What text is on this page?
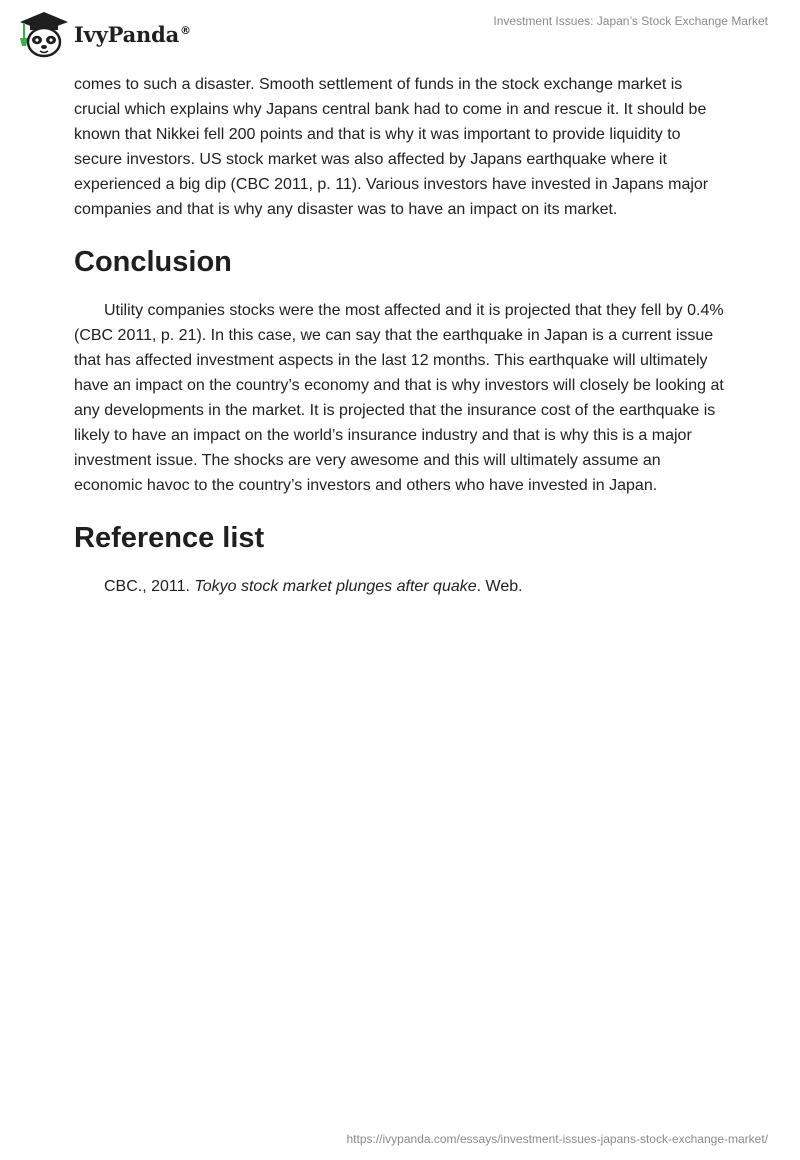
IvyPanda®
Investment Issues: Japan’s Stock Exchange Market

comes to such a disaster. Smooth settlement of funds in the stock exchange market is crucial which explains why Japans central bank had to come in and rescue it. It should be known that Nikkei fell 200 points and that is why it was important to provide liquidity to secure investors. US stock market was also affected by Japans earthquake where it experienced a big dip (CBC 2011, p. 11). Various investors have invested in Japans major companies and that is why any disaster was to have an impact on its market.

Conclusion

Utility companies stocks were the most affected and it is projected that they fell by 0.4% (CBC 2011, p. 21). In this case, we can say that the earthquake in Japan is a current issue that has affected investment aspects in the last 12 months. This earthquake will ultimately have an impact on the country’s economy and that is why investors will closely be looking at any developments in the market. It is projected that the insurance cost of the earthquake is likely to have an impact on the world’s insurance industry and that is why this is a major investment issue. The shocks are very awesome and this will ultimately assume an economic havoc to the country’s investors and others who have invested in Japan.

Reference list

CBC., 2011. Tokyo stock market plunges after quake. Web.

https://ivypanda.com/essays/investment-issues-japans-stock-exchange-market/
